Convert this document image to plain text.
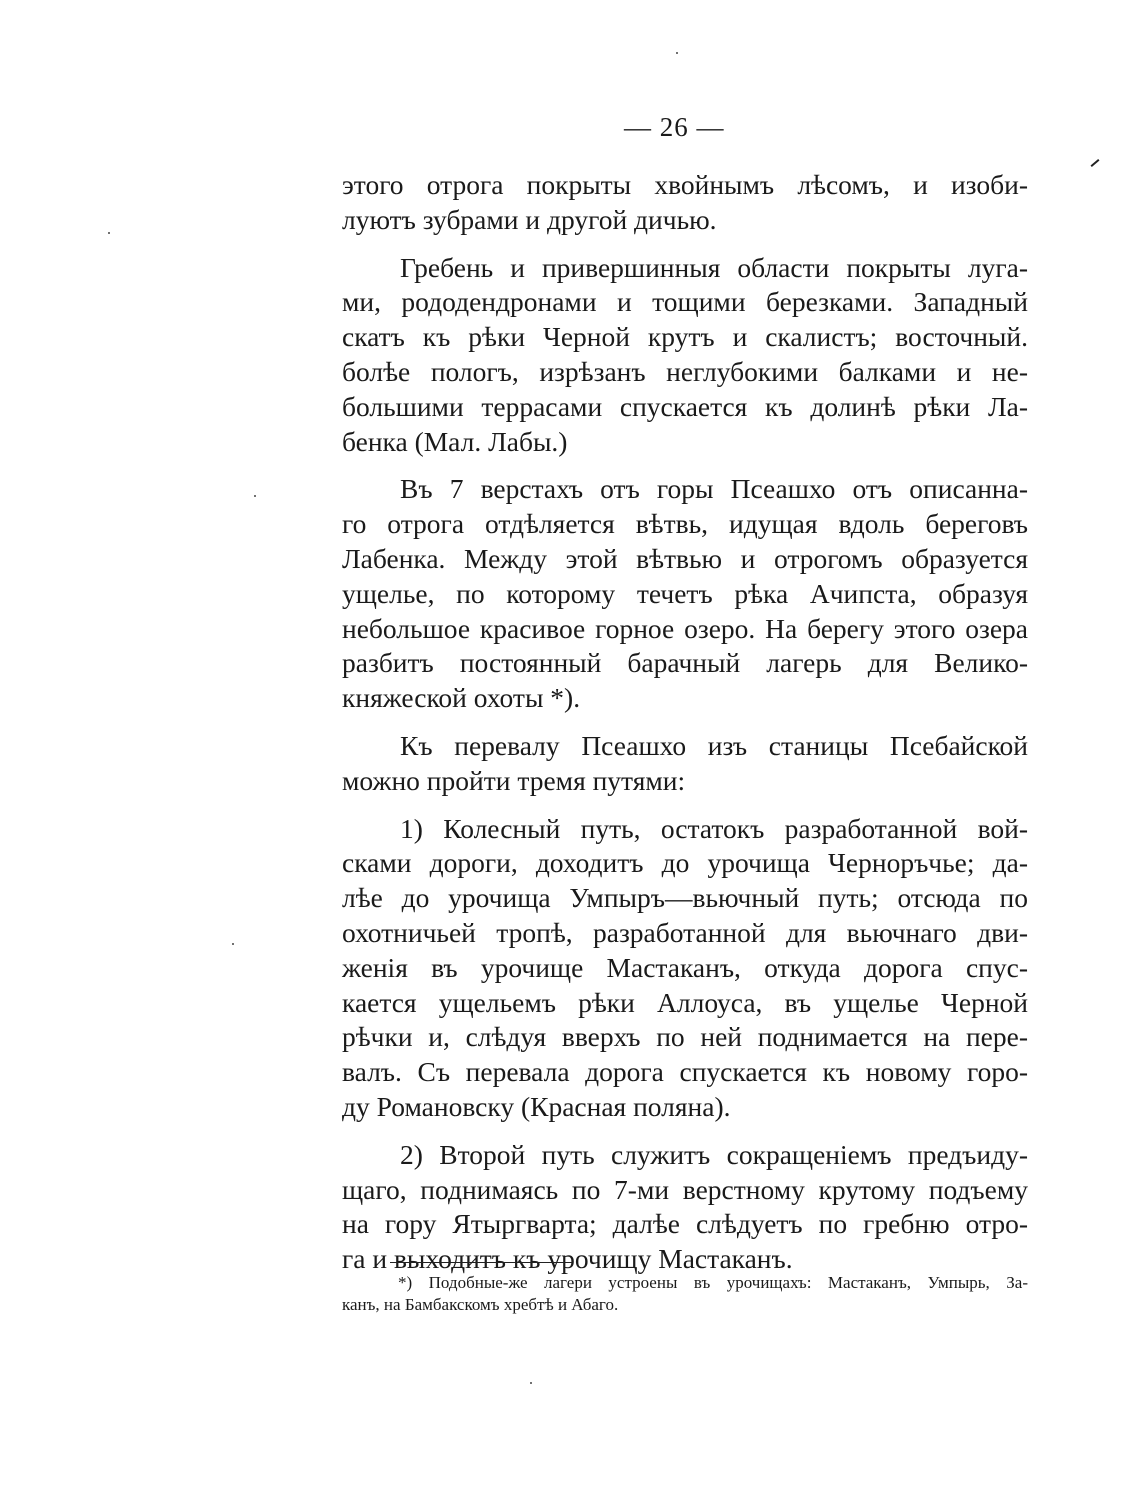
— 26 —
этого отрога покрыты хвойнымъ лѣсомъ, и изоби-
луютъ зубрами и другой дичью.
Гребень и привершинныя области покрыты луга-
ми, рододендронами и тощими березками. Западный
скатъ къ рѣки Черной крутъ и скалистъ; восточный.
болѣе пологъ, изрѣзанъ неглубокими балками и не-
большими террасами спускается къ долинѣ рѣки Ла-
бенка (Мал. Лабы.)
Въ 7 верстахъ отъ горы Псеашхо отъ описанна-
го отрога отдѣляется вѣтвь, идущая вдоль береговъ
Лабенка. Между этой вѣтвью и отрогомъ образуется
ущелье, по которому течетъ рѣка Ачипста, образуя
небольшое красивое горное озеро. На берегу этого озера
разбитъ постоянный барачный лагерь для Велико-
княжеской охоты *).
Къ перевалу Псеашхо изъ станицы Псебайской
можно пройти тремя путями:
1) Колесный путь, остатокъ разработанной вой-
сками дороги, доходитъ до урочища Черноръчье; да-
лѣе до урочища Умпыръ—вьючный путь; отсюда по
охотничьей тропѣ, разработанной для вьючнаго дви-
женія въ урочище Мастаканъ, откуда дорога спус-
кается ущельемъ рѣки Аллоуса, въ ущелье Черной
рѣчки и, слѣдуя вверхъ по ней поднимается на пере-
валъ. Съ перевала дорога спускается къ новому горо-
ду Романовску (Красная поляна).
2) Второй путь служитъ сокращеніемъ предъиду-
щаго, поднимаясь по 7-ми верстному крутому подъему
на гору Ятыргварта; далѣе слѣдуетъ по гребню отро-
га и выходитъ къ урочищу Мастаканъ.
*) Подобные-же лагери устроены въ урочищахъ: Мастаканъ, Умпырь, За-
канъ, на Бамбакскомъ хребтѣ и Абаго.
